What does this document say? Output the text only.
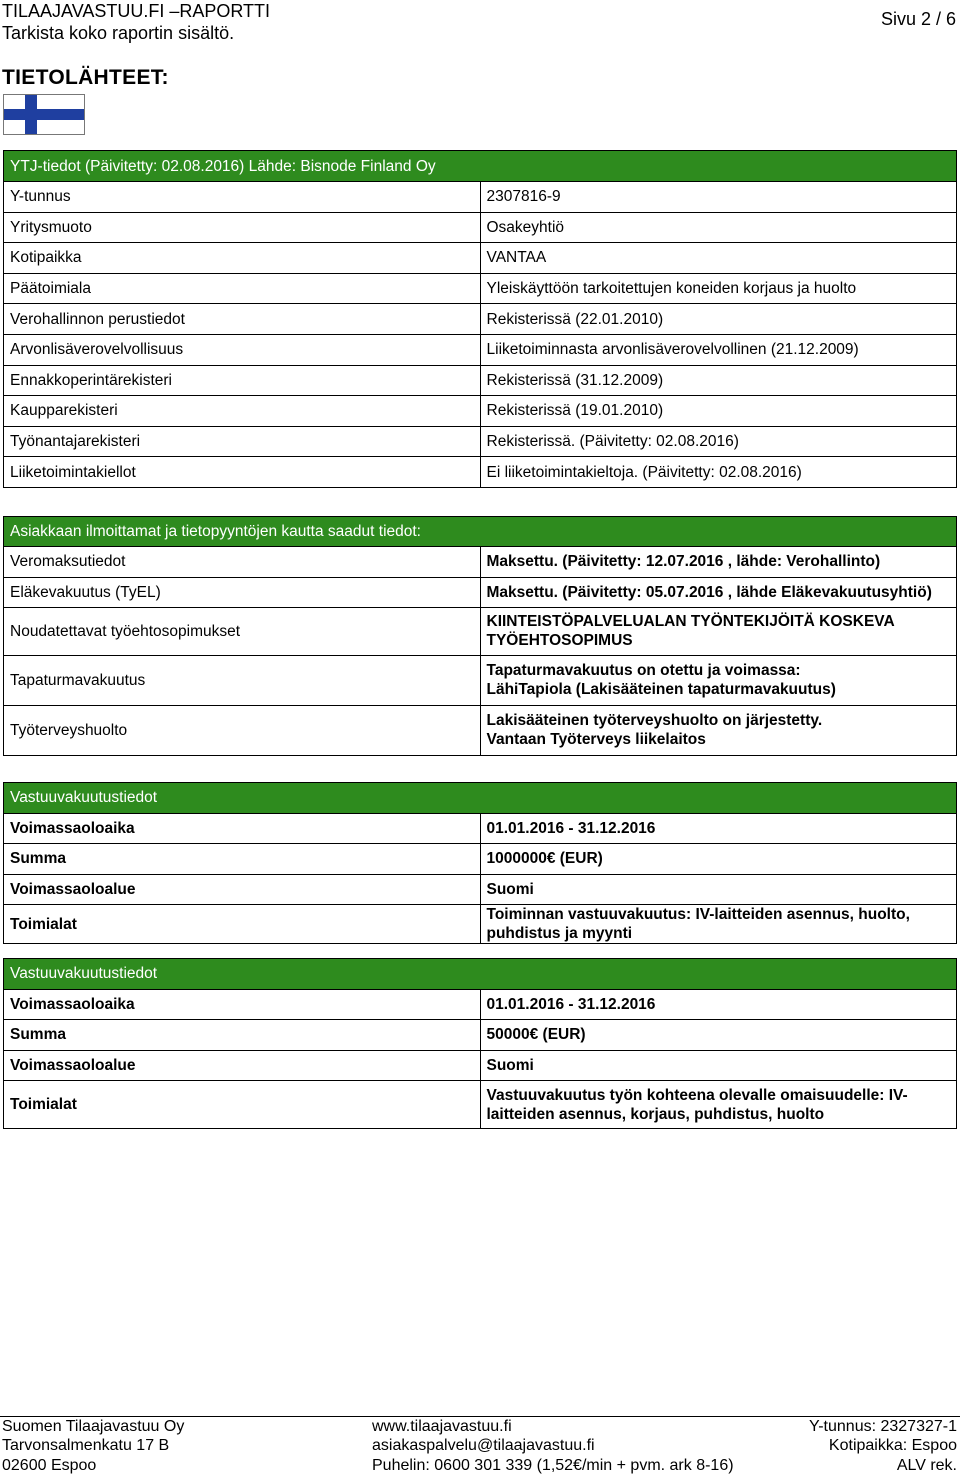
TILAAJAVASTUU.FI –RAPORTTI
Tarkista koko raportin sisältö.
Sivu 2 / 6
TIETOLÄHTEET:
YTJ-tiedot (Päivitetty: 02.08.2016) Lähde: Bisnode Finland Oy	
Y-tunnus	2307816-9
Yritysmuoto	Osakeyhtiö
Kotipaikka	VANTAA
Päätoimiala	Yleiskäyttöön tarkoitettujen koneiden korjaus ja huolto
Verohallinnon perustiedot	Rekisterissä (22.01.2010)
Arvonlisäverovelvollisuus	Liiketoiminnasta arvonlisäverovelvollinen (21.12.2009)
Ennakkoperintärekisteri	Rekisterissä (31.12.2009)
Kaupparekisteri	Rekisterissä (19.01.2010)
Työnantajarekisteri	Rekisterissä. (Päivitetty: 02.08.2016)
Liiketoimintakiellot	Ei liiketoimintakieltoja. (Päivitetty: 02.08.2016)
Asiakkaan ilmoittamat ja tietopyyntöjen kautta saadut tiedot:	
Veromaksutiedot	Maksettu. (Päivitetty: 12.07.2016 , lähde: Verohallinto)
Eläkevakuutus (TyEL)	Maksettu. (Päivitetty: 05.07.2016 , lähde Eläkevakuutusyhtiö)
Noudatettavat työehtosopimukset	KIINTEISTÖPALVELUALAN TYÖNTEKIJÖITÄ KOSKEVA TYÖEHTOSOPIMUS
Tapaturmavakuutus	Tapaturmavakuutus on otettu ja voimassa:
LähiTapiola (Lakisääteinen tapaturmavakuutus)

Työterveyshuolto	Lakisääteinen työterveyshuolto on järjestetty.
Vantaan Työterveys liikelaitos
Vastuuvakuutustiedot	
Voimassaoloaika	01.01.2016 - 31.12.2016
Summa	1000000€ (EUR)
Voimassaoloalue	Suomi
Toimialat	Toiminnan vastuuvakuutus: IV-laitteiden asennus, huolto, puhdistus ja myynti
Vastuuvakuutustiedot	
Voimassaoloaika	01.01.2016 - 31.12.2016
Summa	50000€ (EUR)
Voimassaoloalue	Suomi
Toimialat	Vastuuvakuutus työn kohteena olevalle omaisuudelle: IV-laitteiden asennus, korjaus, puhdistus, huolto
Suomen Tilaajavastuu Oy
Tarvonsalmenkatu 17 B
02600 Espoo
www.tilaajavastuu.fi
asiakaspalvelu@tilaajavastuu.fi
Puhelin: 0600 301 339 (1,52€/min + pvm. ark 8-16)
Y-tunnus: 2327327-1
Kotipaikka: Espoo
ALV rek.
